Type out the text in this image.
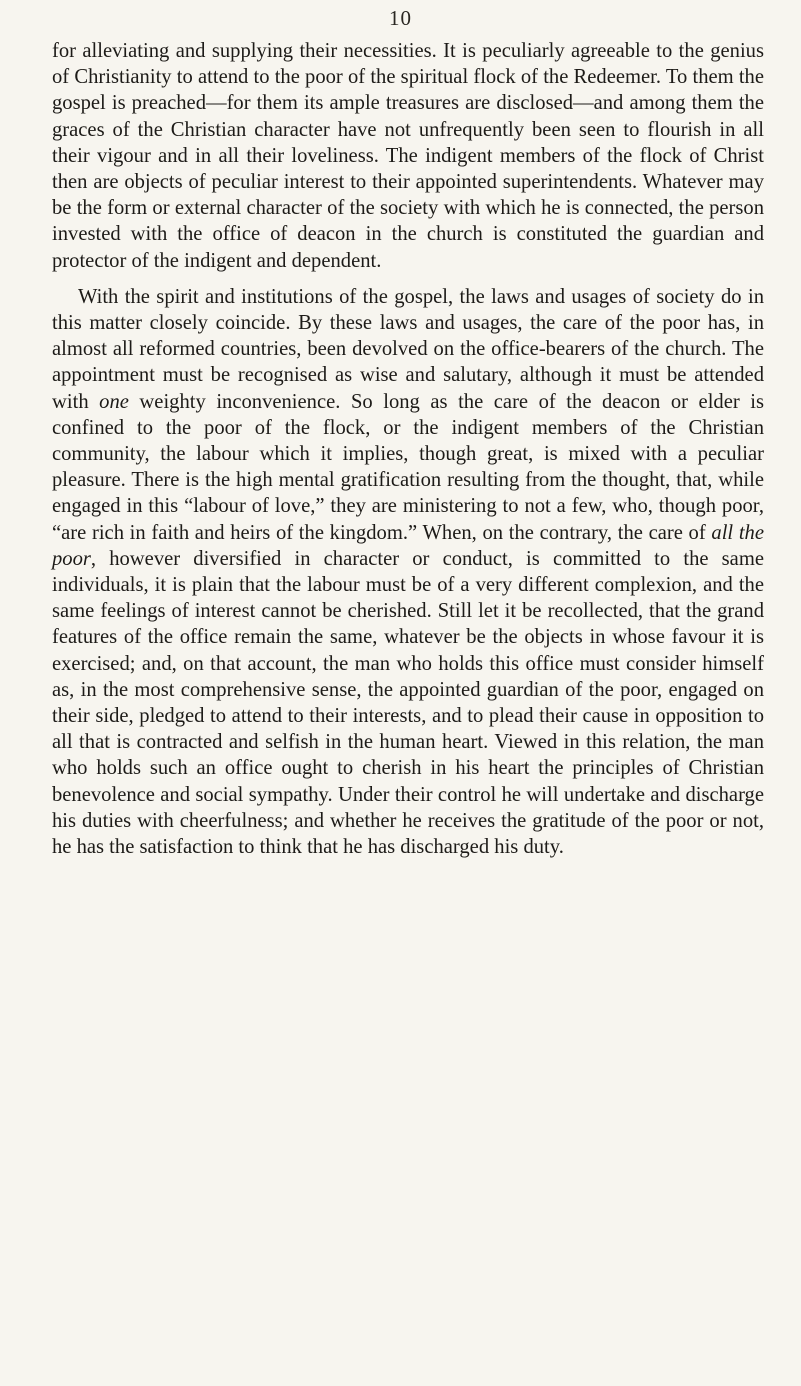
10

for alleviating and supplying their necessities. It is peculiarly agreeable to the genius of Christianity to attend to the poor of the spiritual flock of the Redeemer. To them the gospel is preached—for them its ample treasures are disclosed—and among them the graces of the Christian character have not unfrequently been seen to flourish in all their vigour and in all their loveliness. The indigent members of the flock of Christ then are objects of peculiar interest to their appointed superintendents. Whatever may be the form or external character of the society with which he is connected, the person invested with the office of deacon in the church is constituted the guardian and protector of the indigent and dependent.

With the spirit and institutions of the gospel, the laws and usages of society do in this matter closely coincide. By these laws and usages, the care of the poor has, in almost all reformed countries, been devolved on the office-bearers of the church. The appointment must be recognised as wise and salutary, although it must be attended with one weighty inconvenience. So long as the care of the deacon or elder is confined to the poor of the flock, or the indigent members of the Christian community, the labour which it implies, though great, is mixed with a peculiar pleasure. There is the high mental gratification resulting from the thought, that, while engaged in this “labour of love,” they are ministering to not a few, who, though poor, “are rich in faith and heirs of the kingdom.” When, on the contrary, the care of all the poor, however diversified in character or conduct, is committed to the same individuals, it is plain that the labour must be of a very different complexion, and the same feelings of interest cannot be cherished. Still let it be recollected, that the grand features of the office remain the same, whatever be the objects in whose favour it is exercised; and, on that account, the man who holds this office must consider himself as, in the most comprehensive sense, the appointed guardian of the poor, engaged on their side, pledged to attend to their interests, and to plead their cause in opposition to all that is contracted and selfish in the human heart. Viewed in this relation, the man who holds such an office ought to cherish in his heart the principles of Christian benevolence and social sympathy. Under their control he will undertake and discharge his duties with cheerfulness; and whether he receives the gratitude of the poor or not, he has the satisfaction to think that he has discharged his duty.
